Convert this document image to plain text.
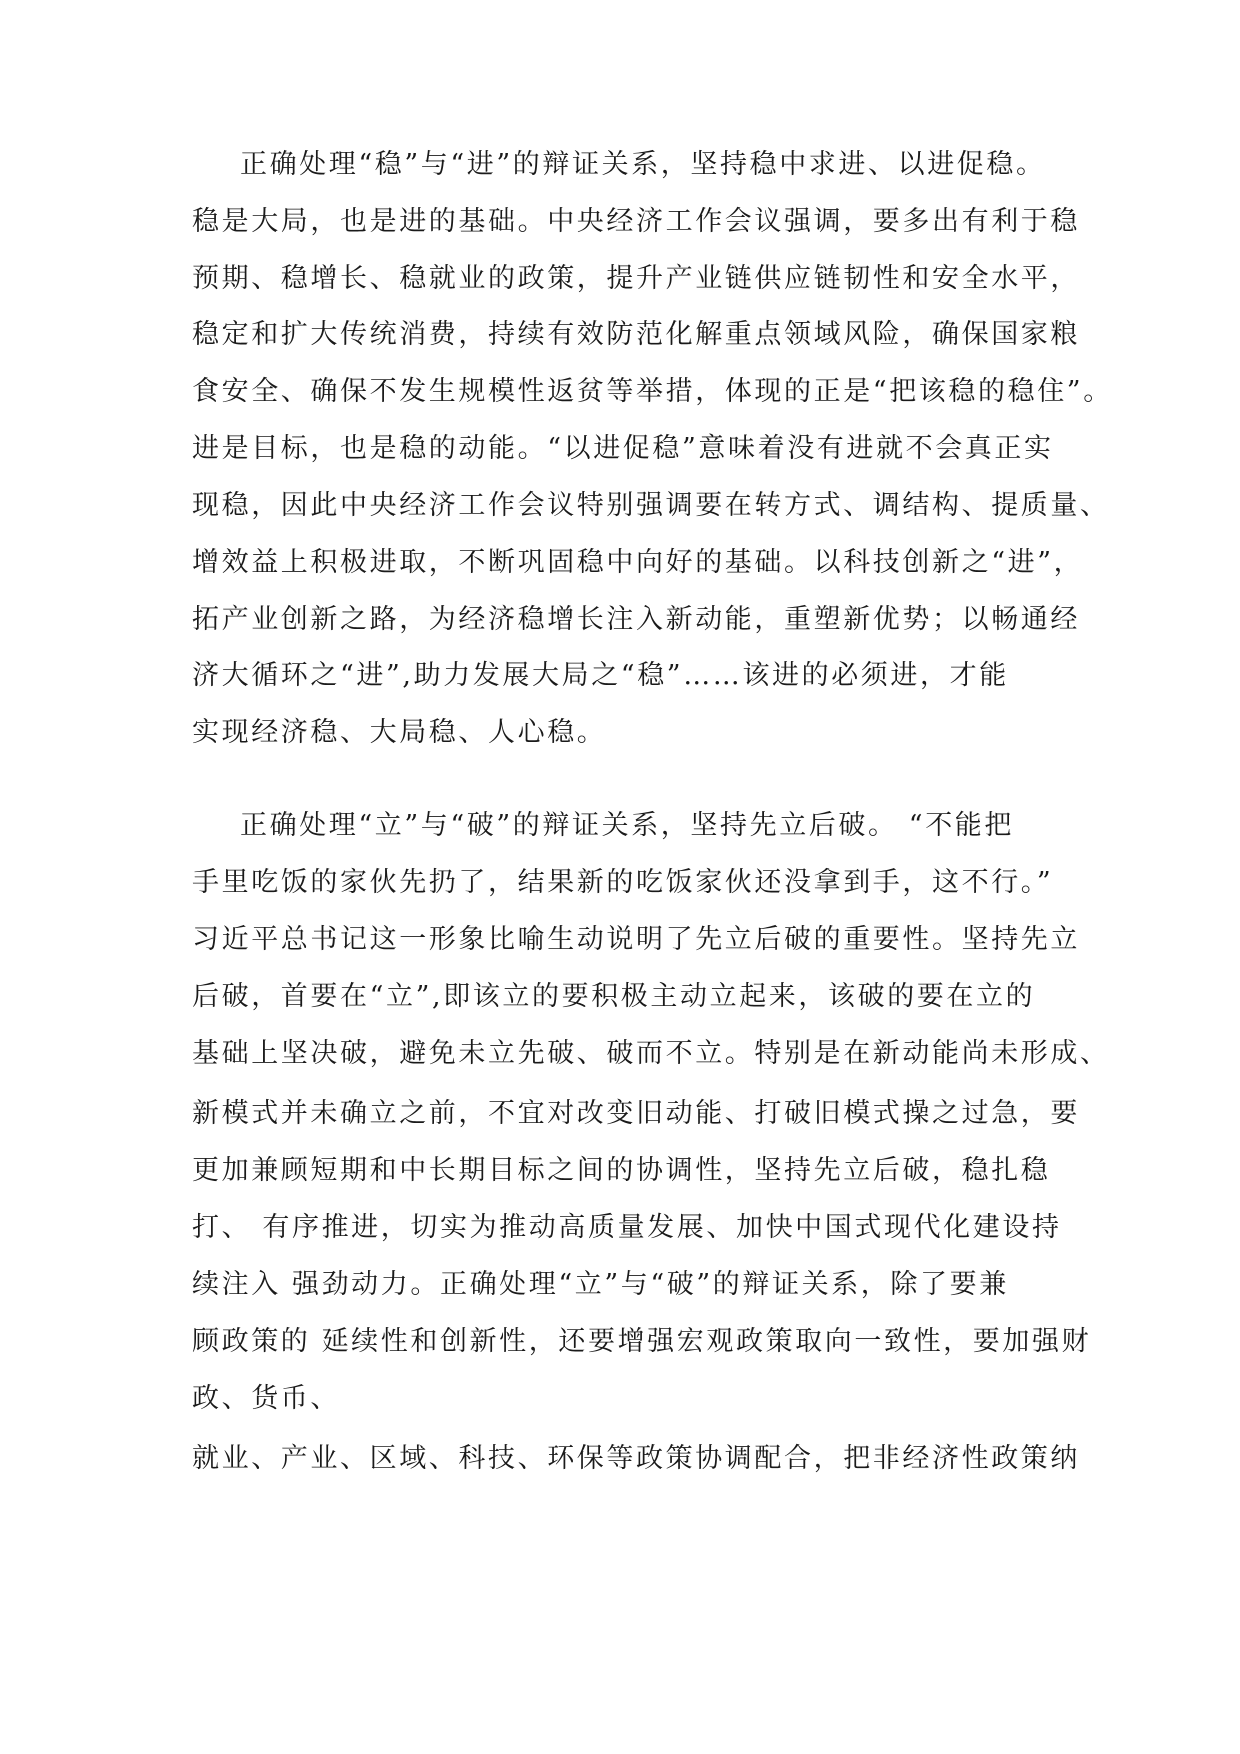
正确处理“稳”与“进”的辩证关系，坚持稳中求进、以进促稳。

稳是大局，也是进的基础。中央经济工作会议强调，要多出有利于稳

预期、稳增长、稳就业的政策，提升产业链供应链韧性和安全水平，

稳定和扩大传统消费，持续有效防范化解重点领域风险，确保国家粮

食安全、确保不发生规模性返贫等举措，体现的正是“把该稳的稳住”。

进是目标，也是稳的动能。“以进促稳”意味着没有进就不会真正实

现稳，因此中央经济工作会议特别强调要在转方式、调结构、提质量、

增效益上积极进取，不断巩固稳中向好的基础。以科技创新之“进”，

拓产业创新之路，为经济稳增长注入新动能，重塑新优势；以畅通经

济大循环之“进”,助力发展大局之“稳”……该进的必须进，才能

实现经济稳、大局稳、人心稳。

正确处理“立”与“破”的辩证关系，坚持先立后破。 “不能把

手里吃饭的家伙先扔了，结果新的吃饭家伙还没拿到手，这不行。”

习近平总书记这一形象比喻生动说明了先立后破的重要性。坚持先立

后破，首要在“立”,即该立的要积极主动立起来，该破的要在立的

基础上坚决破，避免未立先破、破而不立。特别是在新动能尚未形成、

新模式并未确立之前，不宜对改变旧动能、打破旧模式操之过急，要

更加兼顾短期和中长期目标之间的协调性，坚持先立后破，稳扎稳

打、 有序推进，切实为推动高质量发展、加快中国式现代化建设持

续注入 强劲动力。正确处理“立”与“破”的辩证关系，除了要兼

顾政策的 延续性和创新性，还要增强宏观政策取向一致性，要加强财

政、货币、

就业、产业、区域、科技、环保等政策协调配合，把非经济性政策纳
